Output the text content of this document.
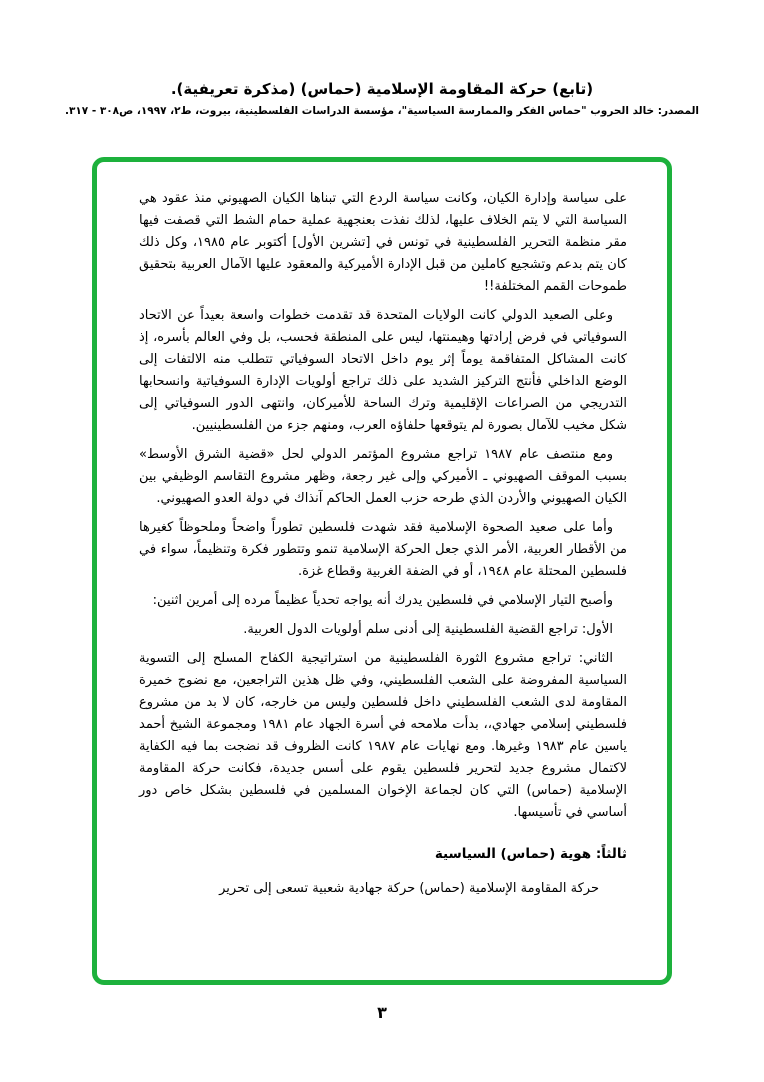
(تابع) حركة المقاومة الإسلامية (حماس) (مذكرة تعريفية).
المصدر: خالد الحروب "حماس الفكر والممارسة السياسية"، مؤسسة الدراسات الفلسطينية، بيروت، ط٢، ١٩٩٧، ص٣٠٨ - ٣١٧.

على سياسة وإدارة الكيان، وكانت سياسة الردع التي تبناها الكيان الصهيوني منذ عقود هي السياسة التي لا يتم الخلاف عليها، لذلك نفذت بعنجهية عملية حمام الشط التي قصفت فيها مقر منظمة التحرير الفلسطينية في تونس في [تشرين الأول] أكتوبر عام ١٩٨٥، وكل ذلك كان يتم بدعم وتشجيع كاملين من قبل الإدارة الأميركية والمعقود عليها الآمال العربية بتحقيق طموحات القمم المختلفة!!

وعلى الصعيد الدولي كانت الولايات المتحدة قد تقدمت خطوات واسعة بعيداً عن الاتحاد السوفياتي في فرض إرادتها وهيمنتها، ليس على المنطقة فحسب، بل وفي العالم بأسره، إذ كانت المشاكل المتفاقمة يوماً إثر يوم داخل الاتحاد السوفياتي تتطلب منه الالتفات إلى الوضع الداخلي فأنتج التركيز الشديد على ذلك تراجع أولويات الإدارة السوفياتية وانسحابها التدريجي من الصراعات الإقليمية وترك الساحة للأميركان، وانتهى الدور السوفياتي إلى شكل مخيب للآمال بصورة لم يتوقعها حلفاؤه العرب، ومنهم جزء من الفلسطينيين.

ومع منتصف عام ١٩٨٧ تراجع مشروع المؤتمر الدولي لحل «قضية الشرق الأوسط» بسبب الموقف الصهيوني ـ الأميركي وإلى غير رجعة، وظهر مشروع التقاسم الوظيفي بين الكيان الصهيوني والأردن الذي طرحه حزب العمل الحاكم آنذاك في دولة العدو الصهيوني.

وأما على صعيد الصحوة الإسلامية فقد شهدت فلسطين تطوراً واضحاً وملحوظاً كغيرها من الأقطار العربية، الأمر الذي جعل الحركة الإسلامية تنمو وتتطور فكرة وتنظيماً، سواء في فلسطين المحتلة عام ١٩٤٨، أو في الضفة الغربية وقطاع غزة.

وأصبح التيار الإسلامي في فلسطين يدرك أنه يواجه تحدياً عظيماً مرده إلى أمرين اثنين:

الأول: تراجع القضية الفلسطينية إلى أدنى سلم أولويات الدول العربية.

الثاني: تراجع مشروع الثورة الفلسطينية من استراتيجية الكفاح المسلح إلى التسوية السياسية المفروضة على الشعب الفلسطيني، وفي ظل هذين التراجعين، مع نضوج خميرة المقاومة لدى الشعب الفلسطيني داخل فلسطين وليس من خارجه، كان لا بد من مشروع فلسطيني إسلامي جهادي،، بدأت ملامحه في أسرة الجهاد عام ١٩٨١ ومجموعة الشيخ أحمد ياسين عام ١٩٨٣ وغيرها. ومع نهايات عام ١٩٨٧ كانت الظروف قد نضجت بما فيه الكفاية لاكتمال مشروع جديد لتحرير فلسطين يقوم على أسس جديدة، فكانت حركة المقاومة الإسلامية (حماس) التي كان لجماعة الإخوان المسلمين في فلسطين بشكل خاص دور أساسي في تأسيسها.

ثالثاً: هوية (حماس) السياسية

حركة المقاومة الإسلامية (حماس) حركة جهادية شعبية تسعى إلى تحرير

٣
